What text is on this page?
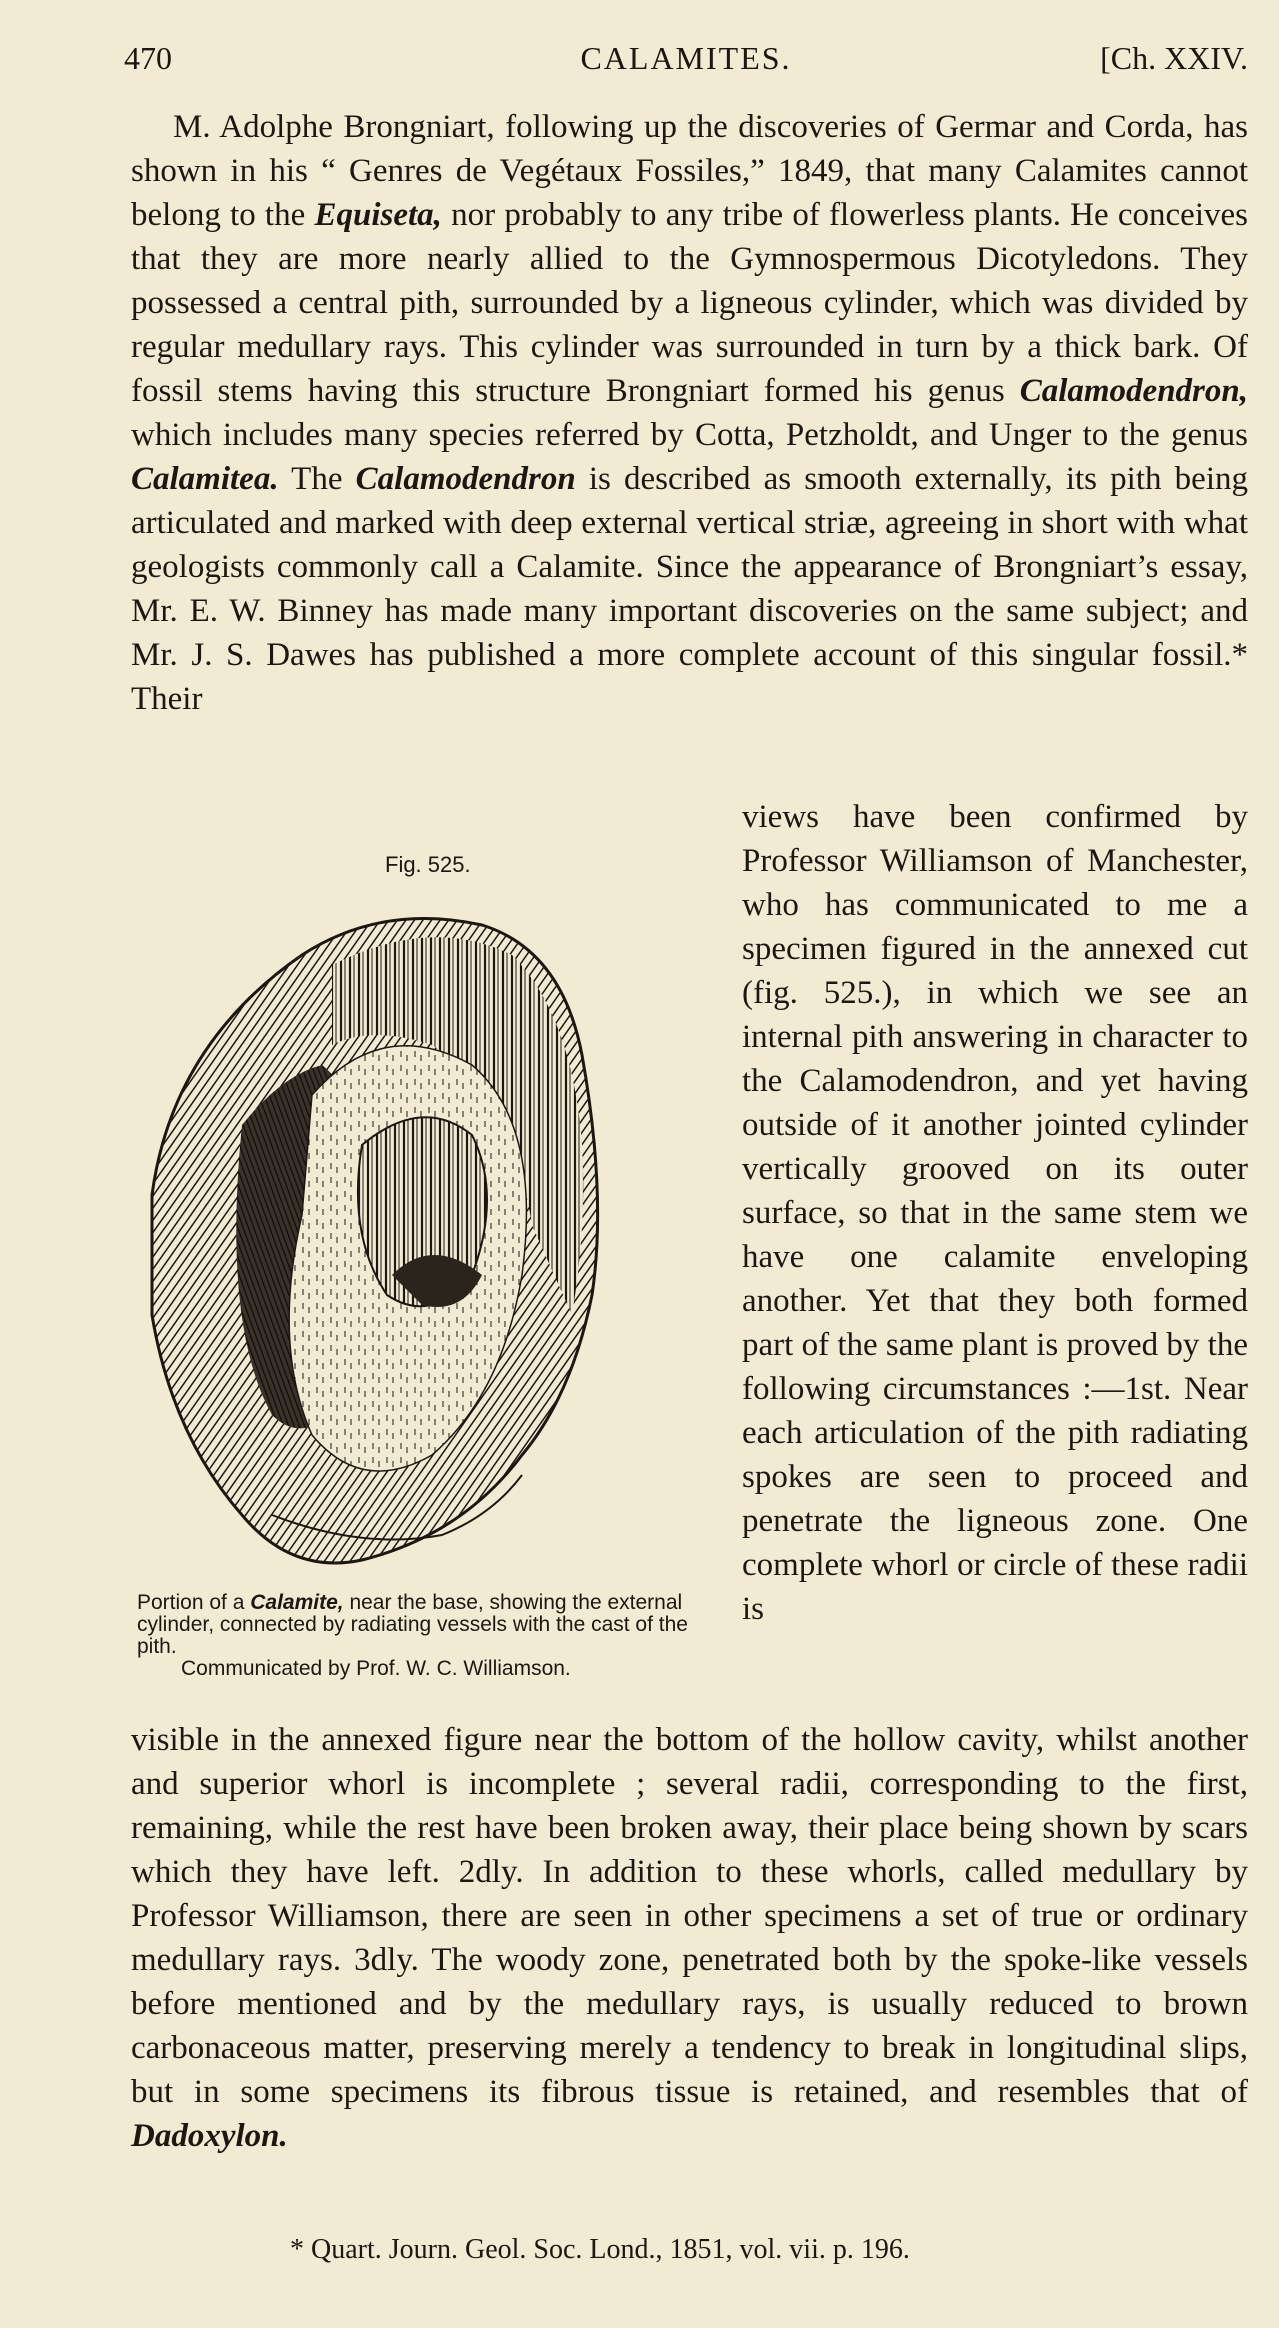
470	CALAMITES.	[Ch. XXIV.

M. Adolphe Brongniart, following up the discoveries of Germar and Corda, has shown in his “ Genres de Vegétaux Fossiles,” 1849, that many Calamites cannot belong to the Equiseta, nor probably to any tribe of flowerless plants. He conceives that they are more nearly allied to the Gymnospermous Dicotyledons. They possessed a central pith, surrounded by a ligneous cylinder, which was divided by regular medullary rays. This cylinder was surrounded in turn by a thick bark. Of fossil stems having this structure Brongniart formed his genus Calamodendron, which includes many species referred by Cotta, Petzholdt, and Unger to the genus Calamitea. The Calamodendron is described as smooth externally, its pith being articulated and marked with deep external vertical striæ, agreeing in short with what geologists commonly call a Calamite. Since the appearance of Brongniart’s essay, Mr. E. W. Binney has made many important discoveries on the same subject; and Mr. J. S. Dawes has published a more complete account of this singular fossil.* Their

Fig. 525.
Portion of a Calamite, near the base, showing the external cylinder, connected by radiating vessels with the cast of the pith.
Communicated by Prof. W. C. Williamson.

views have been confirmed by Professor Williamson of Manchester, who has communicated to me a specimen figured in the annexed cut (fig. 525.), in which we see an internal pith answering in character to the Calamodendron, and yet having outside of it another jointed cylinder vertically grooved on its outer surface, so that in the same stem we have one calamite enveloping another. Yet that they both formed part of the same plant is proved by the following circumstances :—1st. Near each articulation of the pith radiating spokes are seen to proceed and penetrate the ligneous zone. One complete whorl or circle of these radii is

visible in the annexed figure near the bottom of the hollow cavity, whilst another and superior whorl is incomplete ; several radii, corresponding to the first, remaining, while the rest have been broken away, their place being shown by scars which they have left. 2dly. In addition to these whorls, called medullary by Professor Williamson, there are seen in other specimens a set of true or ordinary medullary rays. 3dly. The woody zone, penetrated both by the spoke-like vessels before mentioned and by the medullary rays, is usually reduced to brown carbonaceous matter, preserving merely a tendency to break in longitudinal slips, but in some specimens its fibrous tissue is retained, and resembles that of Dadoxylon.

* Quart. Journ. Geol. Soc. Lond., 1851, vol. vii. p. 196.
